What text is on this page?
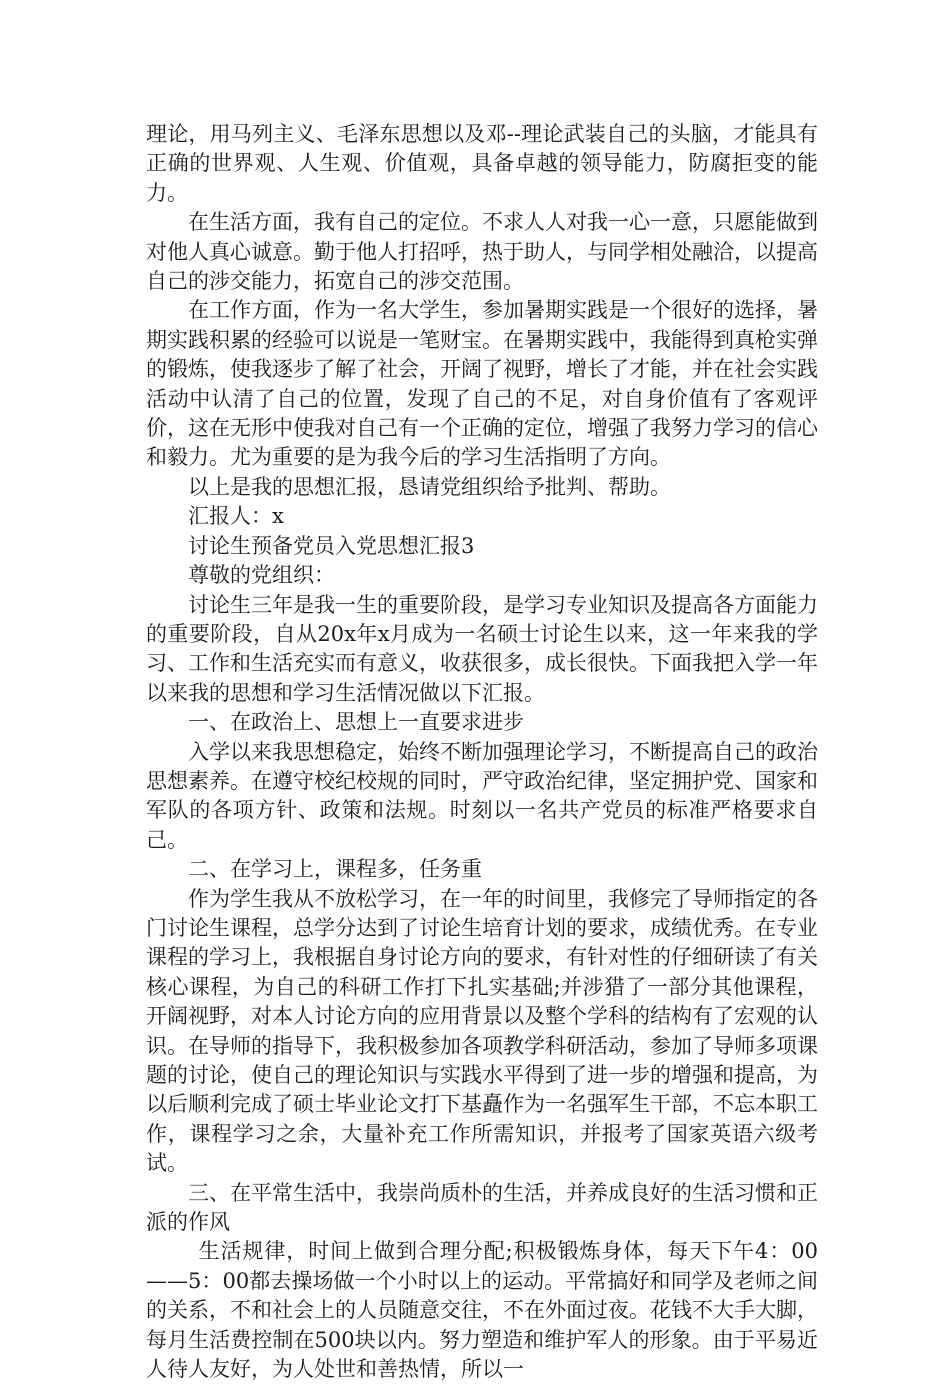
理论，用马列主义、毛泽东思想以及邓--理论武装自己的头脑，才能具有正确的世界观、人生观、价值观，具备卓越的领导能力，防腐拒变的能力。

在生活方面，我有自己的定位。不求人人对我一心一意，只愿能做到对他人真心诚意。勤于他人打招呼，热于助人，与同学相处融洽，以提高自己的涉交能力，拓宽自己的涉交范围。

在工作方面，作为一名大学生，参加暑期实践是一个很好的选择，暑期实践积累的经验可以说是一笔财宝。在暑期实践中，我能得到真枪实弹的锻炼，使我逐步了解了社会，开阔了视野，增长了才能，并在社会实践活动中认清了自己的位置，发现了自己的不足，对自身价值有了客观评价，这在无形中使我对自己有一个正确的定位，增强了我努力学习的信心和毅力。尤为重要的是为我今后的学习生活指明了方向。

以上是我的思想汇报，恳请党组织给予批判、帮助。

汇报人：x

讨论生预备党员入党思想汇报3

尊敬的党组织：

讨论生三年是我一生的重要阶段，是学习专业知识及提高各方面能力的重要阶段，自从20x年x月成为一名硕士讨论生以来，这一年来我的学习、工作和生活充实而有意义，收获很多，成长很快。下面我把入学一年以来我的思想和学习生活情况做以下汇报。

一、在政治上、思想上一直要求进步

入学以来我思想稳定，始终不断加强理论学习，不断提高自己的政治思想素养。在遵守校纪校规的同时，严守政治纪律，坚定拥护党、国家和军队的各项方针、政策和法规。时刻以一名共产党员的标准严格要求自己。

二、在学习上，课程多，任务重

作为学生我从不放松学习，在一年的时间里，我修完了导师指定的各门讨论生课程，总学分达到了讨论生培育计划的要求，成绩优秀。在专业课程的学习上，我根据自身讨论方向的要求，有针对性的仔细研读了有关核心课程，为自己的科研工作打下扎实基础;并涉猎了一部分其他课程，开阔视野，对本人讨论方向的应用背景以及整个学科的结构有了宏观的认识。在导师的指导下，我积极参加各项教学科研活动，参加了导师多项课题的讨论，使自己的理论知识与实践水平得到了进一步的增强和提高，为以后顺利完成了硕士毕业论文打下基矗作为一名强军生干部，不忘本职工作，课程学习之余，大量补充工作所需知识，并报考了国家英语六级考试。

三、在平常生活中，我崇尚质朴的生活，并养成良好的生活习惯和正派的作风

生活规律，时间上做到合理分配;积极锻炼身体，每天下午4：00——5：00都去操场做一个小时以上的运动。平常搞好和同学及老师之间的关系，不和社会上的人员随意交往，不在外面过夜。花钱不大手大脚，每月生活费控制在500块以内。努力塑造和维护军人的形象。由于平易近人待人友好，为人处世和善热情，所以一
